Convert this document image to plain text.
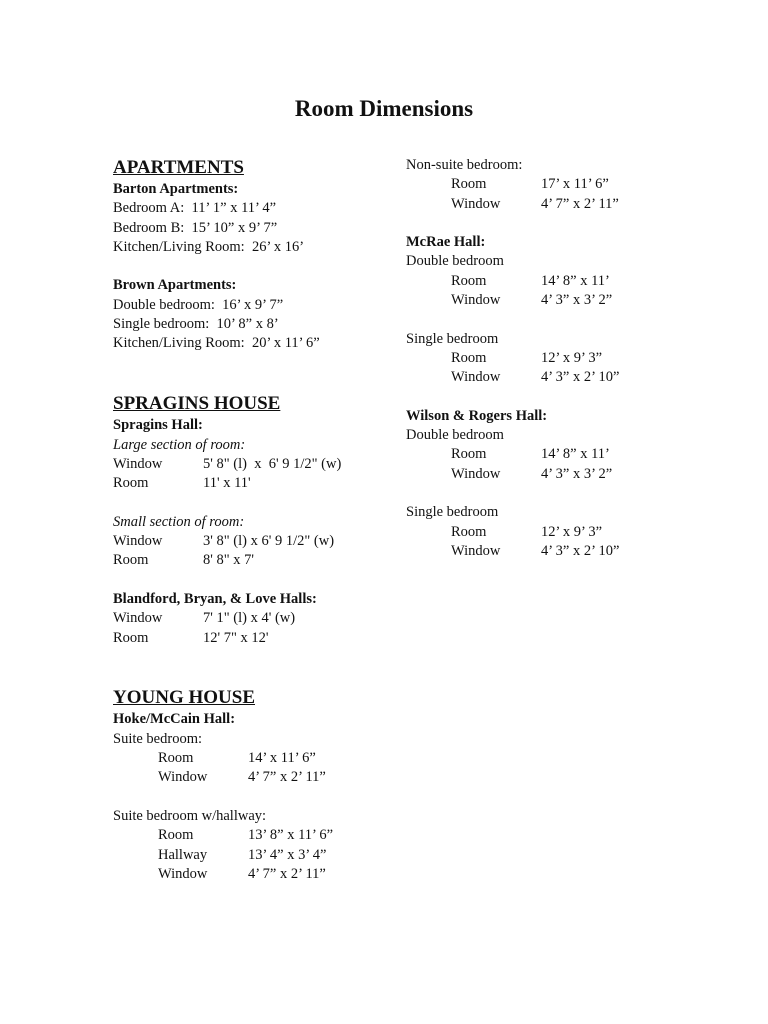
Room Dimensions
APARTMENTS
Barton Apartments:
Bedroom A:  11’ 1” x 11’ 4”
Bedroom B:  15’ 10” x 9’ 7”
Kitchen/Living Room:  26’ x 16’
Brown Apartments:
Double bedroom:  16’ x 9’ 7”
Single bedroom:  10’ 8” x 8’
Kitchen/Living Room:  20’ x 11’ 6”
SPRAGINS HOUSE
Spragins Hall:
Large section of room:
Window	5' 8" (l)  x  6' 9 1/2" (w)
Room	11' x 11'
Small section of room:
Window	3' 8" (l) x 6' 9 1/2" (w)
Room	8' 8" x 7'
Blandford, Bryan, & Love Halls:
Window	7' 1" (l) x 4' (w)
Room	12' 7" x 12'
YOUNG HOUSE
Hoke/McCain Hall:
Suite bedroom:
Room	14’ x 11’ 6”
Window	4’ 7” x 2’ 11”
Suite bedroom w/hallway:
Room	13’ 8” x 11’ 6”
Hallway	13’ 4” x 3’ 4”
Window	4’ 7” x 2’ 11”
Non-suite bedroom:
Room	17’ x 11’ 6”
Window	4’ 7” x 2’ 11”
McRae Hall:
Double bedroom
Room	14’ 8” x 11’
Window	4’ 3” x 3’ 2”
Single bedroom
Room	12’ x 9’ 3”
Window	4’ 3” x 2’ 10”
Wilson & Rogers Hall:
Double bedroom
Room	14’ 8” x 11’
Window	4’ 3” x 3’ 2”
Single bedroom
Room	12’ x 9’ 3”
Window	4’ 3” x 2’ 10”
